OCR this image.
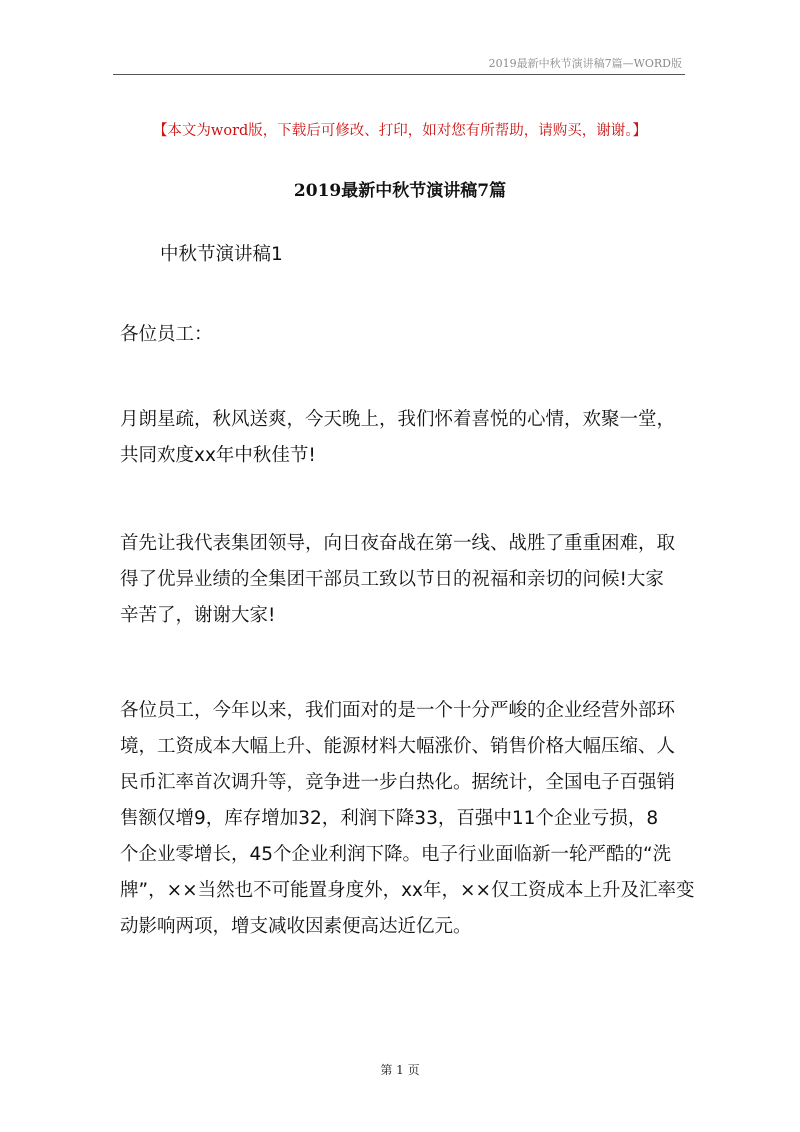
2019最新中秋节演讲稿7篇—WORD版
【本文为word版，下载后可修改、打印，如对您有所帮助，请购买，谢谢。】
2019最新中秋节演讲稿7篇
中秋节演讲稿1
各位员工：
月朗星疏，秋风送爽，今天晚上，我们怀着喜悦的心情，欢聚一堂，
共同欢度xx年中秋佳节!
首先让我代表集团领导，向日夜奋战在第一线、战胜了重重困难，取
得了优异业绩的全集团干部员工致以节日的祝福和亲切的问候!大家
辛苦了，谢谢大家!
各位员工，今年以来，我们面对的是一个十分严峻的企业经营外部环
境，工资成本大幅上升、能源材料大幅涨价、销售价格大幅压缩、人
民币汇率首次调升等，竞争进一步白热化。据统计，全国电子百强销
售额仅增9，库存增加32，利润下降33，百强中11个企业亏损，8
个企业零增长，45个企业利润下降。电子行业面临新一轮严酷的“洗
牌”，××当然也不可能置身度外，xx年，××仅工资成本上升及汇率变
动影响两项，增支减收因素便高达近亿元。
第 1 页
